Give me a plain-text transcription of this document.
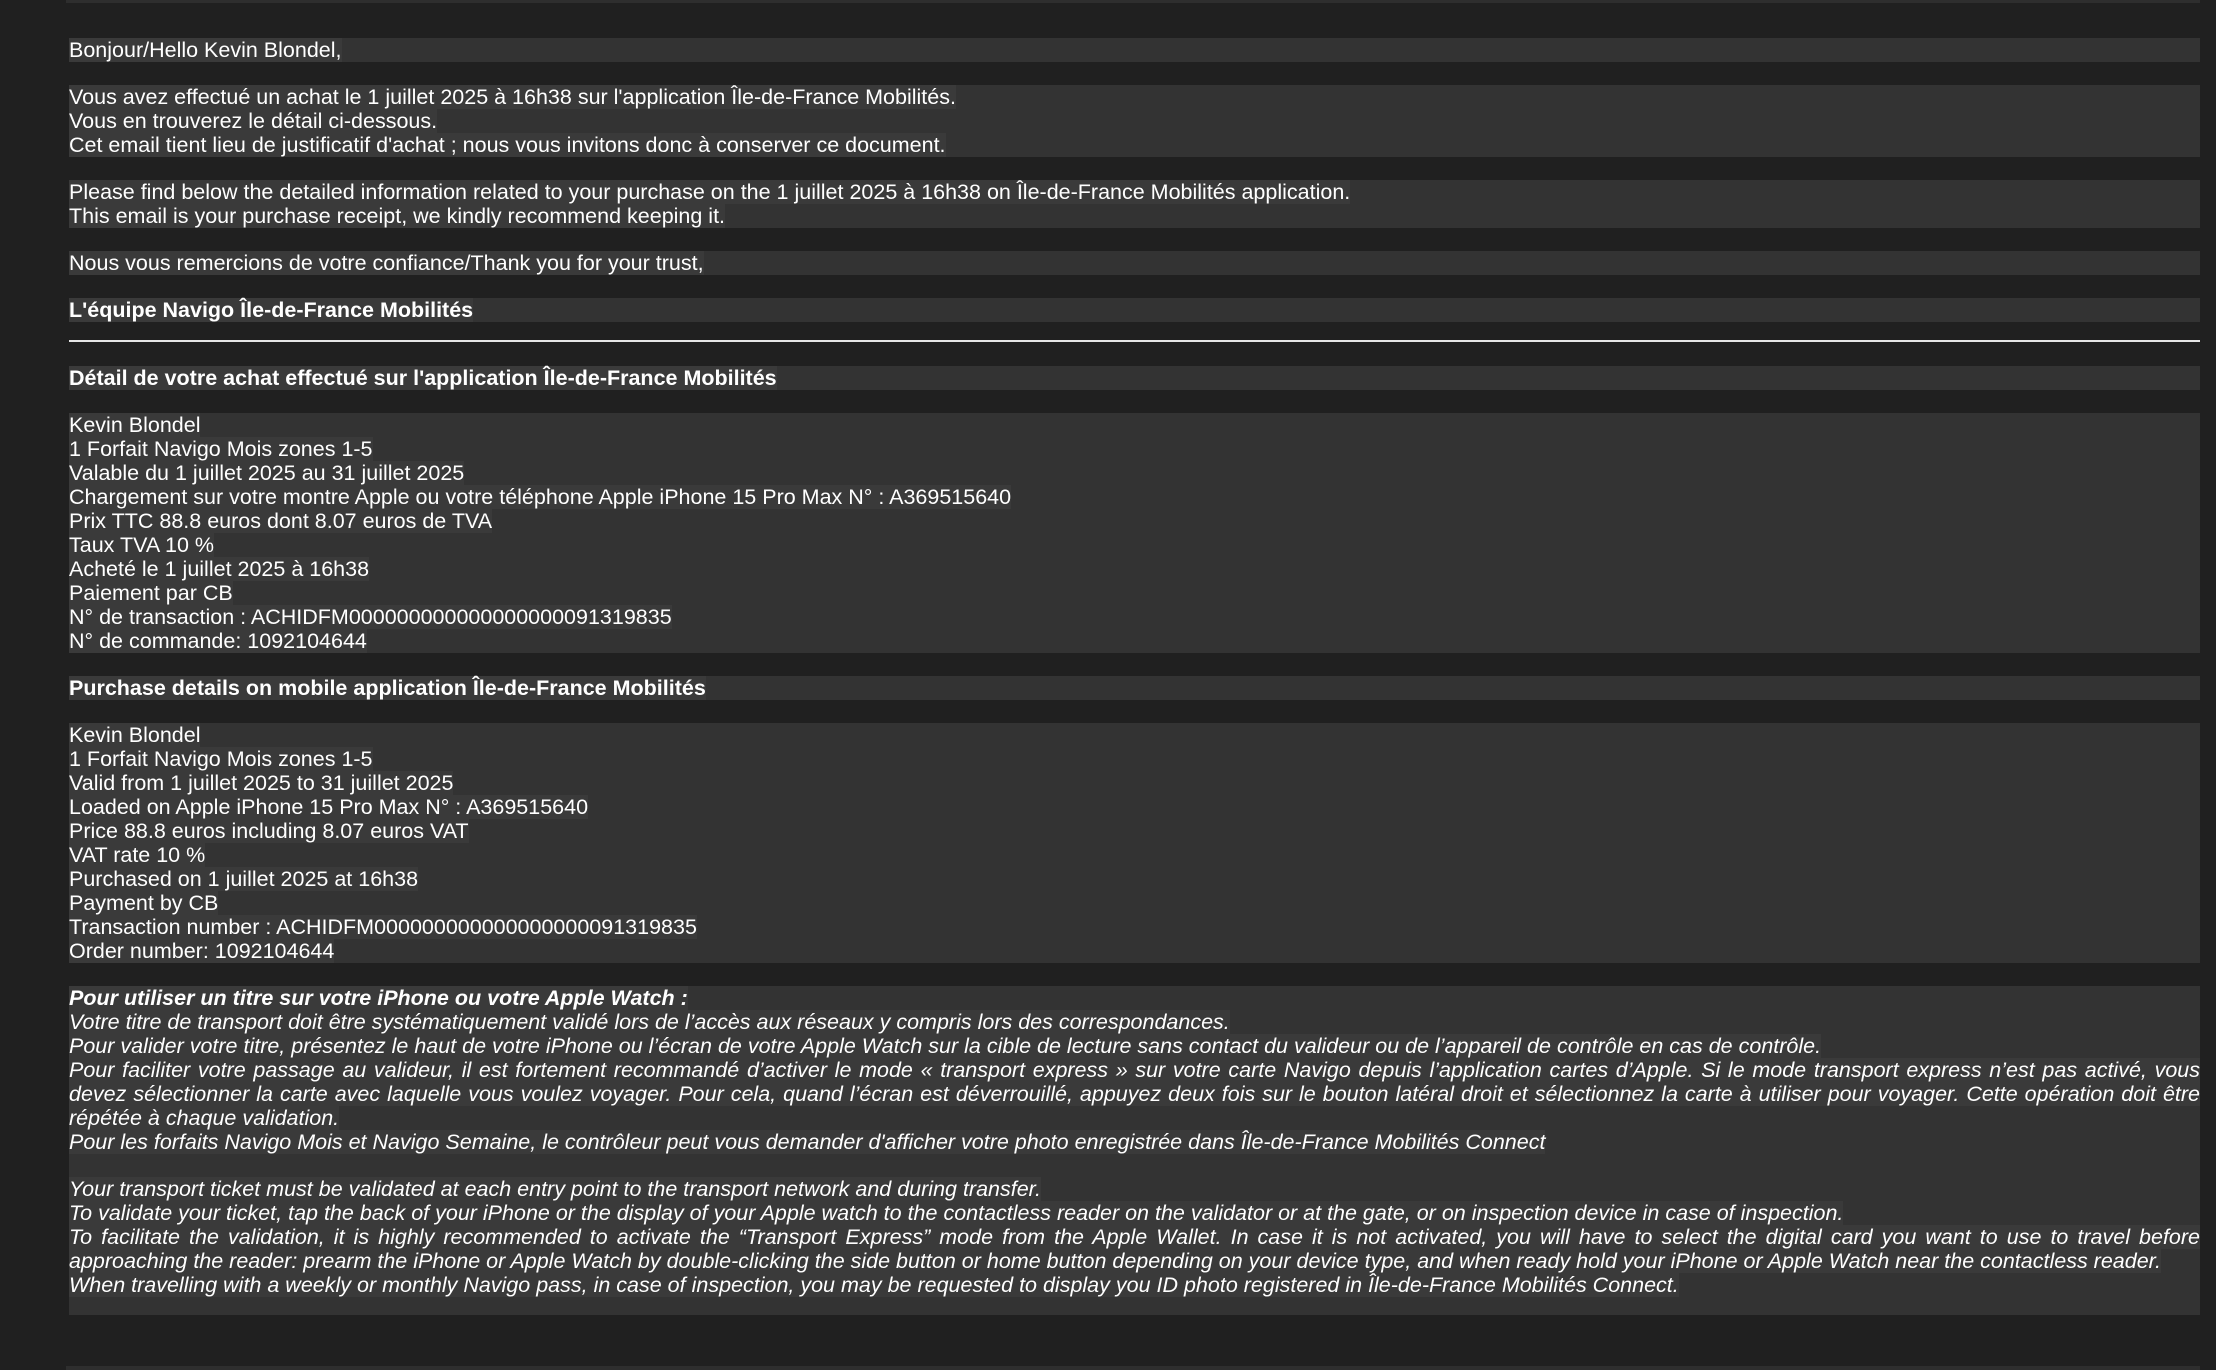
Bonjour/Hello Kevin Blondel,
Vous avez effectué un achat le 1 juillet 2025 à 16h38 sur l'application Île-de-France Mobilités.
Vous en trouverez le détail ci-dessous.
Cet email tient lieu de justificatif d'achat ; nous vous invitons donc à conserver ce document.
Please find below the detailed information related to your purchase on the 1 juillet 2025 à 16h38 on Île-de-France Mobilités application.
This email is your purchase receipt, we kindly recommend keeping it.
Nous vous remercions de votre confiance/Thank you for your trust,
L'équipe Navigo Île-de-France Mobilités
Détail de votre achat effectué sur l'application Île-de-France Mobilités
Kevin Blondel
1 Forfait Navigo Mois zones 1-5
Valable du 1 juillet 2025 au 31 juillet 2025
Chargement sur votre montre Apple ou votre téléphone Apple iPhone 15 Pro Max N° : A369515640
Prix TTC 88.8 euros dont 8.07 euros de TVA
Taux TVA 10 %
Acheté le 1 juillet 2025 à 16h38
Paiement par CB
N° de transaction : ACHIDFM000000000000000000091319835
N° de commande: 1092104644
Purchase details on mobile application Île-de-France Mobilités
Kevin Blondel
1 Forfait Navigo Mois zones 1-5
Valid from 1 juillet 2025 to 31 juillet 2025
Loaded on Apple iPhone 15 Pro Max N° : A369515640
Price 88.8 euros including 8.07 euros VAT
VAT rate 10 %
Purchased on 1 juillet 2025 at 16h38
Payment by CB
Transaction number : ACHIDFM000000000000000000091319835
Order number: 1092104644
Pour utiliser un titre sur votre iPhone ou votre Apple Watch :
Votre titre de transport doit être systématiquement validé lors de l’accès aux réseaux y compris lors des correspondances.
Pour valider votre titre, présentez le haut de votre iPhone ou l’écran de votre Apple Watch sur la cible de lecture sans contact du valideur ou de l’appareil de contrôle en cas de contrôle.
Pour faciliter votre passage au valideur, il est fortement recommandé d’activer le mode « transport express » sur votre carte Navigo depuis l’application cartes d’Apple. Si le mode transport express n’est pas activé, vous devez sélectionner la carte avec laquelle vous voulez voyager. Pour cela, quand l’écran est déverrouillé, appuyez deux fois sur le bouton latéral droit et sélectionnez la carte à utiliser pour voyager. Cette opération doit être répétée à chaque validation.
Pour les forfaits Navigo Mois et Navigo Semaine, le contrôleur peut vous demander d'afficher votre photo enregistrée dans Île-de-France Mobilités Connect
Your transport ticket must be validated at each entry point to the transport network and during transfer.
To validate your ticket, tap the back of your iPhone or the display of your Apple watch to the contactless reader on the validator or at the gate, or on inspection device in case of inspection.
To facilitate the validation, it is highly recommended to activate the “Transport Express” mode from the Apple Wallet. In case it is not activated, you will have to select the digital card you want to use to travel before approaching the reader: prearm the iPhone or Apple Watch by double-clicking the side button or home button depending on your device type, and when ready hold your iPhone or Apple Watch near the contactless reader.
When travelling with a weekly or monthly Navigo pass, in case of inspection, you may be requested to display you ID photo registered in Île-de-France Mobilités Connect.
